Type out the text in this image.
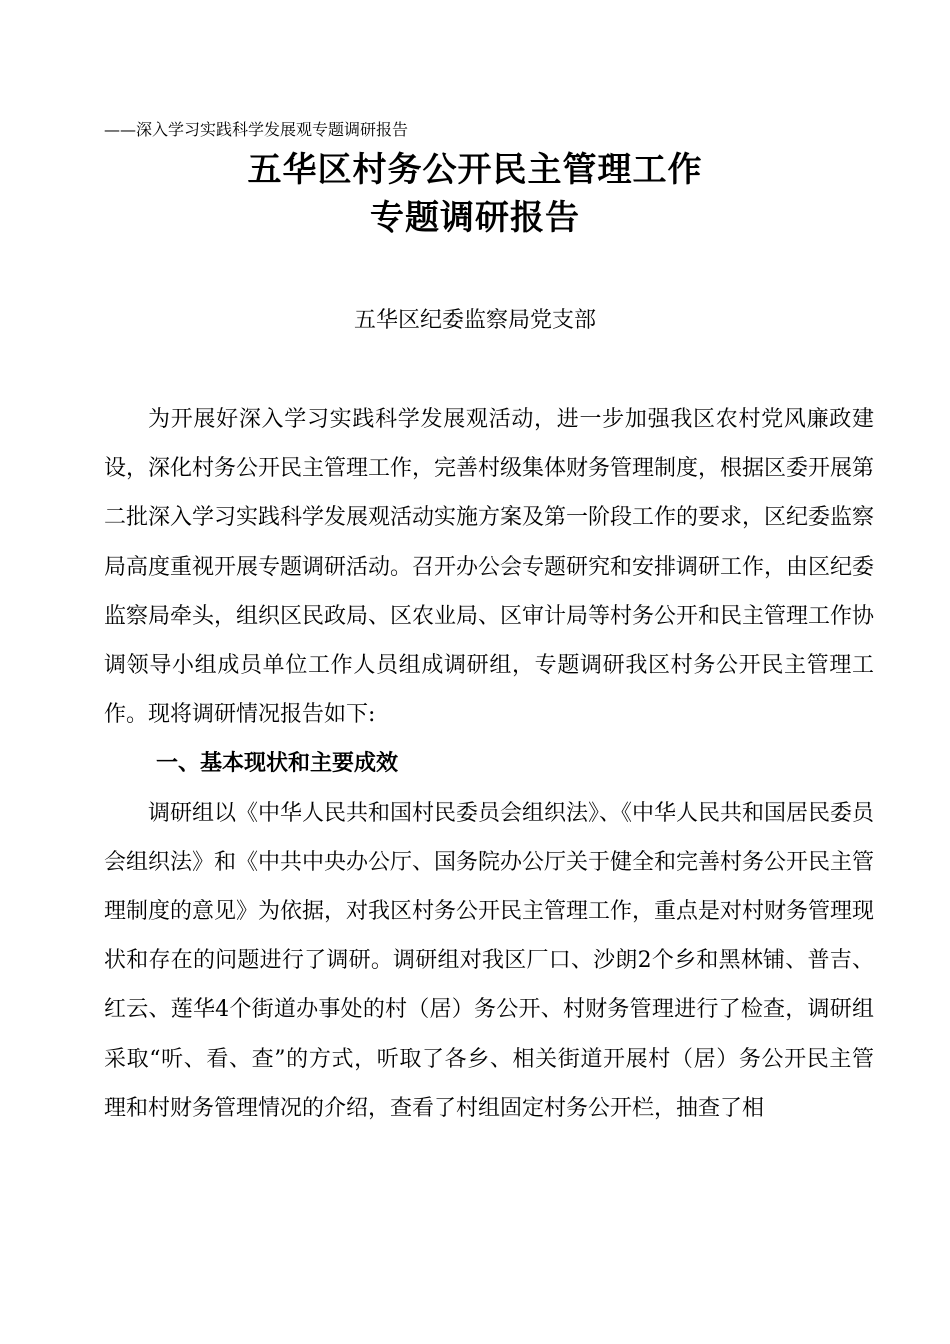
——深入学习实践科学发展观专题调研报告
五华区村务公开民主管理工作
专题调研报告
五华区纪委监察局党支部

为开展好深入学习实践科学发展观活动，进一步加强我区农村党风廉政建设，深化村务公开民主管理工作，完善村级集体财务管理制度，根据区委开展第二批深入学习实践科学发展观活动实施方案及第一阶段工作的要求，区纪委监察局高度重视开展专题调研活动。召开办公会专题研究和安排调研工作，由区纪委监察局牵头，组织区民政局、区农业局、区审计局等村务公开和民主管理工作协调领导小组成员单位工作人员组成调研组，专题调研我区村务公开民主管理工作。现将调研情况报告如下:

一、基本现状和主要成效

调研组以《中华人民共和国村民委员会组织法》、《中华人民共和国居民委员会组织法》和《中共中央办公厅、国务院办公厅关于健全和完善村务公开民主管理制度的意见》为依据，对我区村务公开民主管理工作，重点是对村财务管理现状和存在的问题进行了调研。调研组对我区厂口、沙朗2个乡和黑林铺、普吉、红云、莲华4个街道办事处的村（居）务公开、村财务管理进行了检查，调研组采取“听、看、查”的方式，听取了各乡、相关街道开展村（居）务公开民主管理和村财务管理情况的介绍，查看了村组固定村务公开栏，抽查了相
